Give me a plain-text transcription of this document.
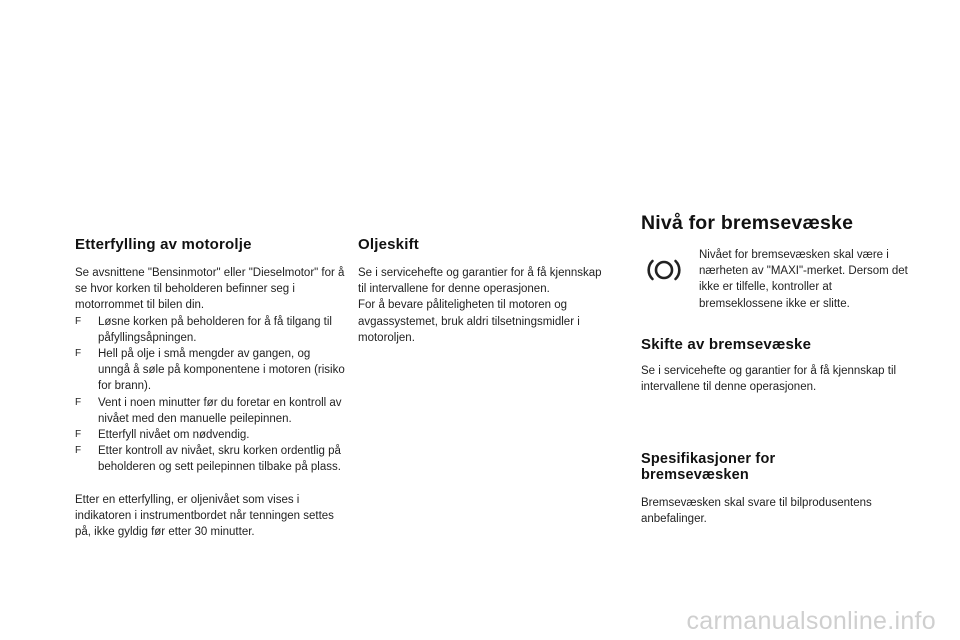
Etterfylling av motorolje

Se avsnittene "Bensinmotor" eller "Dieselmotor" for å se hvor korken til beholderen befinner seg i motorrommet til bilen din.

F	Løsne korken på beholderen for å få tilgang til påfyllingsåpningen.
F	Hell på olje i små mengder av gangen, og unngå å søle på komponentene i motoren (risiko for brann).
F	Vent i noen minutter før du foretar en kontroll av nivået med den manuelle peilepinnen.
F	Etterfyll nivået om nødvendig.
F	Etter kontroll av nivået, skru korken ordentlig på beholderen og sett peilepinnen tilbake på plass.

Etter en etterfylling, er oljenivået som vises i indikatoren i instrumentbordet når tenningen settes på, ikke gyldig før etter 30 minutter.

Oljeskift

Se i servicehefte og garantier for å få kjennskap til intervallene for denne operasjonen.

For å bevare påliteligheten til motoren og avgassystemet, bruk aldri tilsetningsmidler i motoroljen.

Nivå for bremsevæske

Nivået for bremsevæsken skal være i nærheten av "MAXI"-merket. Dersom det ikke er tilfelle, kontroller at bremseklossene ikke er slitte.

Skifte av bremsevæske

Se i servicehefte og garantier for å få kjennskap til intervallene til denne operasjonen.

Spesifikasjoner for bremsevæsken

Bremsevæsken skal svare til bilprodusentens anbefalinger.

carmanualsonline.info
